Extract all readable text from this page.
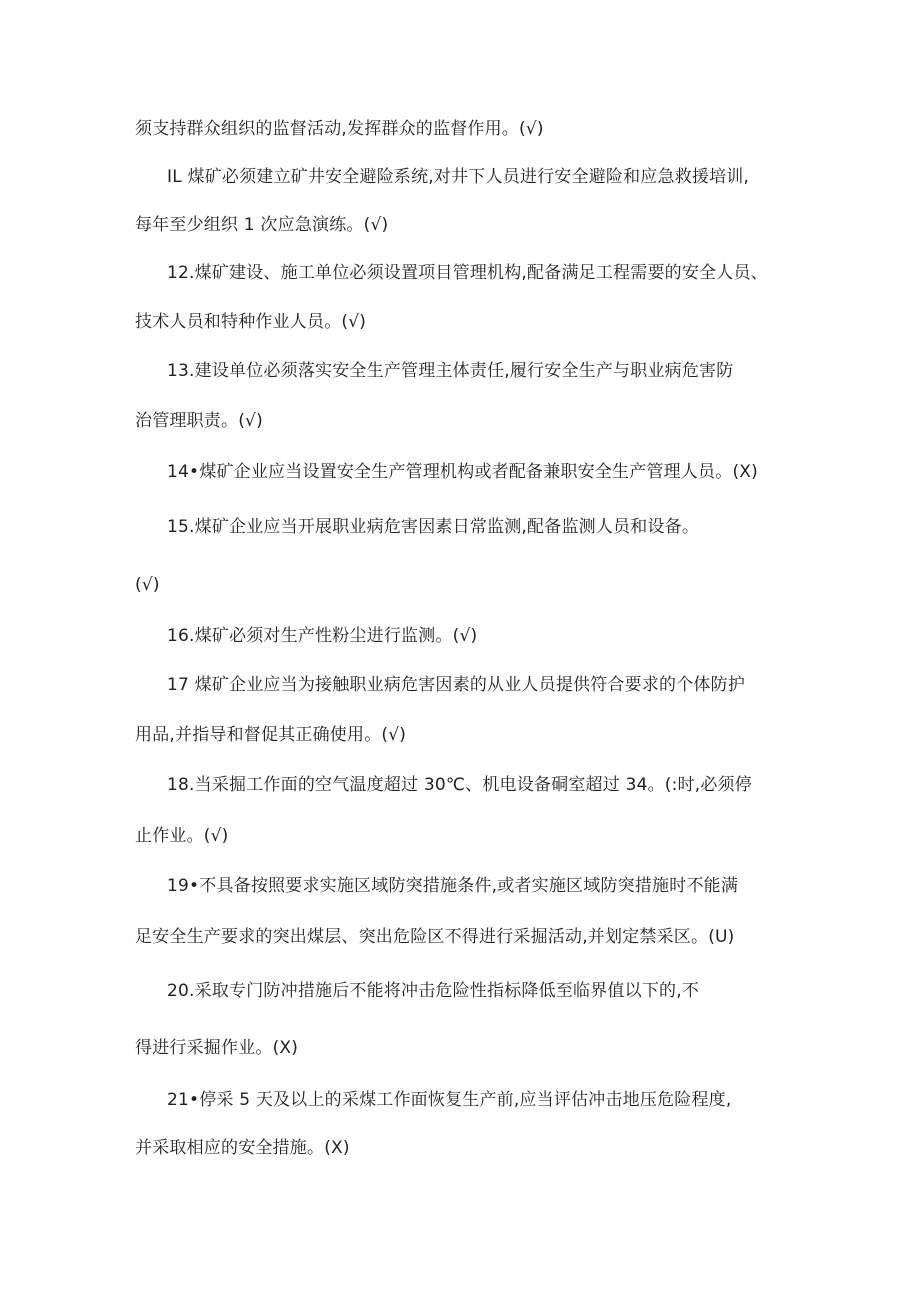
须支持群众组织的监督活动,发挥群众的监督作用。(√)
IL 煤矿必须建立矿井安全避险系统,对井下人员进行安全避险和应急救援培训,
每年至少组织 1 次应急演练。(√)
12.煤矿建设、施工单位必须设置项目管理机构,配备满足工程需要的安全人员、
技术人员和特种作业人员。(√)
13.建设单位必须落实安全生产管理主体责任,履行安全生产与职业病危害防
治管理职责。(√)
14•煤矿企业应当设置安全生产管理机构或者配备兼职安全生产管理人员。(X)
15.煤矿企业应当开展职业病危害因素日常监测,配备监测人员和设备。
(√)
16.煤矿必须对生产性粉尘进行监测。(√)
17 煤矿企业应当为接触职业病危害因素的从业人员提供符合要求的个体防护
用品,并指导和督促其正确使用。(√)
18.当采掘工作面的空气温度超过 30℃、机电设备硐室超过 34。(:时,必须停
止作业。(√)
19•不具备按照要求实施区域防突措施条件,或者实施区域防突措施时不能满
足安全生产要求的突出煤层、突出危险区不得进行采掘活动,并划定禁采区。(U)
20.采取专门防冲措施后不能将冲击危险性指标降低至临界值以下的,不
得进行采掘作业。(X)
21•停采 5 天及以上的采煤工作面恢复生产前,应当评估冲击地压危险程度,
并采取相应的安全措施。(X)
